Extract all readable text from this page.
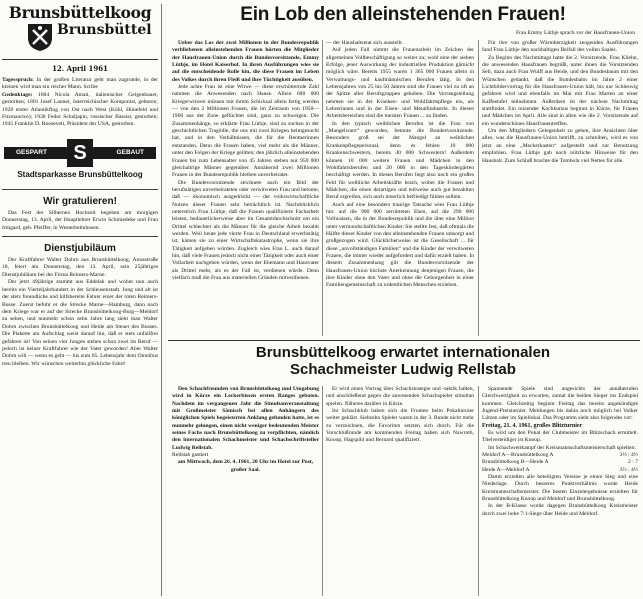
Brunsbüttelkoog
Brunsbüttel
12. April 1961
Tagesspruch: In der großen Literatur geht man zugrunde, in der kleinen wird man ein reicher Mann. Scribe
Gedenktage: 1684 Nicola Amati, italienischer Geigenbauer, gestorben; 1801 Josef Lanner, österreichischer Komponist, geboren; 1928 erster Atlantikflug von Ost nach West (Köhl, Hünefeld und Fitzmaurice); 1938 Fedor Schaljapin, russischer Bassist, gestorben; 1945 Franklin D. Roosevelt, Präsident der USA, gestorben.
GESPART	GEBAUT
S
Stadtsparkasse Brunsbüttelkoog
Wir gratulieren!
Das Fest der Silbernen Hochzeit begehen am morgigen Donnerstag, 13. April, der Hauptlehrer Erwin Schmiedeke und Frau Irmgard, geb. Pfeiffer, in Westerbelmhusen.
Dienstjubiläum
Der Kraftfahrer Walter Dohrn aus Brunsbüttelkoog, Annastraße 18, feiert am Donnerstag, den 13. April, sein 25jähriges Dienstjubiläum bei der Firma Reimers-Marne.
Der jetzt 49jährige stammt aus Eddelak und wohnt nun auch bereits ein Vierteljahrhundert in der Schleusenstadt. Jung und alt ist der stets freundliche und hilfsbereite Fahrer einer der roten Reimers-Busse. Zuerst befuhr er die Strecke Marne—Hamburg, dann nach dem Kriege war er auf der Strecke Brunsbüttelkoog-Burg—Meldorf zu sehen, und nunmehr schon zehn Jahre lang sieht man Walter Dohrn zwischen Brunsbüttelkoog und Heide am Steuer des Busses. Die Plakette am Aufschlag weist darauf hin, daß er stets unfallfrei gefahren ist! Von seinen vier Jungen stehen schon zwei im Beruf — jedoch ist keiner Kraftfahrer wie der Vater geworden! Aber Walter Dohrn will — wenn es geht — bis zum 65. Lebensjahr dem Omnibus treu bleiben. Wir wünschen weiterhin glückliche Fahrt!
Ein Lob den alleinstehenden Frauen!
Frau Emmy Lüthje sprach vor der Hausfrauen-Union
Ueber das Los der zwei Millionen in der Bundesrepublik verbliebenen alleinstehenden Frauen hörten die Mitglieder der Hausfrauen-Union durch die Bundesvorsitzende, Emmy Lüthje, im Hotel Kaiserhof. In ihren Ausführungen wies sie auf die entscheidende Rolle hin, die diese Frauen im Leben des Volkes durch ihren Fleiß und ihre Tüchtigkeit ausüben.
Jede achte Frau ist eine Witwe — diese erschütternde Zahl nahmen die Anwesenden nach Hause. Allein 600 000 Kriegerwitwen müssen mit ihrem Schicksal allein fertig werden — von den 2 Millionen Frauen, die im Zeitraum von 1950—1960 aus der Zone geflüchtet sind, ganz zu schweigen. Die Zusammenhänge, so erklärte Frau Lüthje, sind zu suchen in der geschichtlichen Tragödie, die uns mit zwei Kriegen heimgesucht hat, und in den Verhältnissen, die für die Rentnerinnen entstanden. Denn die Frauen haben, viel mehr als die Männer, unter den Folgen der Kriege gelitten; den jährlich alleinstehenden Frauen bis zum Lebensalter von 45 Jahren stehen nur 950 000 gleichaltrige Männer gegenüber. Annähernd zwei Millionen Frauen in der Bundesrepublik bleiben unverheiratet.
Die Bundesvorsitzende zeichnete auch ein Bild der berufstätigen unverheirateten oder verwitweten Frau und betonte, daß — ökonomisch ausgedrückt — der volkswirtschaftliche Nutzen dieser Frauen sehr beträchtlich ist. Nachdrücklich unterstrich Frau Lüthje, daß die Frauen qualifizierte Facharbeit leisten, bedauerlicherweise aber im Gesamtdurchschnitt um ein Drittel schlechter als die Männer für die gleiche Arbeit bezahlt werden. Weil heute jede vierte Frau in Deutschland erwerbstätig ist, kämen sie zu einer Wirtschaftskatastrophe, wenn sie ihre Tätigkeit aufgeben würden. Zugleich wies Frau L. auch darauf hin, daß viele Frauen jedoch nicht einer Tätigkeit oder auch einer Vollarbeit nachgehen würden, wenn der Ehemann und Hausvater als Drittel mehr, als es der Fall ist, verdienen würde. Denn vielfach muß die Frau aus materiellen Gründen mitverdienen.
— der Haushaltsetat sich ausstellt.
Auf jeden Fall nimmt die Frauenarbeit im Zeichen der allgemeinen Vollbeschäftigung so weiter zu; wohl eine der sieben Erfolge, jener Auswirkung der industriellen Produktion gärnicht möglich wäre. Bereits 1955 waren 1 365 000 Frauen allein in Verwaltungs- und kaufmännischen Berufen tätig. In den Lebensjahren von 25 bis 50 Jahren sind die Frauen viel zu oft an der Spitze aller Berufsgruppen gehoben. Die Vorrangstellung nehmen sie in der Kranken- und Wohlfahrtspflege ein, als Lehrerinnen und in der Eisen- und Metallindustrie. In diesen Arbeitsbereichen sind die meisten Frauen ... zu finden.
In den typisch weiblichen Berufen ist die Frau von „Mangelware“ geworden, betonte die Bundesvorsitzende. Besonders groß sei der Mangel an weiblichen Krankenpflegepersonal, denn es fehlen 10 000 Krankenschwestern, bereits 40 000 Schwestern! Außerdem können 10 000 weitere Frauen und Mädchen in den Wohlfahrtsberufen und 20 000 in den Tageskindergärten beschäftigt werden. In diesen Berufen liegt also noch ein großes Feld für weibliche Arbeitskräfte brach, wobei die Frauen und Mädchen, die einen derartigen und teilweise auch gut bezahlten Beruf ergreifen, sich auch innerlich befriedigt fühlen sollten.
Auch auf eine besonders traurige Tatsache wies Frau Lüthje hin: auf die 900 000 zerrütteten Ehen, auf die 290 000 Vollwaisen, die in der Bundesrepublik und die über eine Million unter vermundschaftlichen Kinder. Sie stellte fest, daß oftmals die Hälfte dieser Kinder von den alleinstehenden Frauen umsorgt und großgezogen wird. Glücklicherweise ist die Gesellschaft ... für diese „unvollständigen Familien“ und die Kinder der verwitweten Frauen, die immer wieder aufgefordert und dafür erzielt haben. In diesem Zusammenhang gilt die Bundesvorsitzende der Hausfrauen-Union höchste Anerkennung denjenigen Frauen, die ihre Kinder ohne den Vater und ohne die Geborgenheit in einer Familiengemeinschaft zu ordentlichen Menschen erziehen.
Für ihre von großer Wärmherzigkeit zeugenden Ausführungen fand Frau Lüthje den nachhaltigen Beifall des vollen Saales.
Zu Beginn des Nachmittags hatte die 2. Vorsitzende, Frau Kliehn, die anwesenden Hausfrauen begrüßt, unter ihnen die Vorsitzenden Sell, dazu auch Frau Wulff aus Heide, und den Bundesbaum mit den Wünschen gedankt, daß die Bundesbahn im Jahre 2 einer Lichtbildervortrag für die Hausfrauen-Union hält, bis nur Schleswig gefahren wird und ebenfalls im Mai mit Frau Marten an einer Kaffeetafel teilnehmen. Außerdem ist der nächste Nachmittag stattfindet. Ein reizender Kochkursus beginnt in Kürze, für Frauen und Mädchen im April. Alle sind in allen wie die 2. Vorsitzende auf ein wunderschönes Hausfrauentreffen.
Um den Mitgliedern Gelegenheit zu geben, ihre Ansichten über alles, was die Hausfrauen-Union betrifft, zu schreiben, wird es von jetzt an eine „Meckerkasten“ aufgestellt und zur Benutzung empfohlen. Frau Lüthje gab noch nützliche Hinweise für den Haushalt. Zum Schluß brachte die Tombola viel Nettes für alle.
Brunsbüttelkoog erwartet internationalen
Schachmeister Ludwig Rellstab
Den Schachfreunden von Brunsbüttelkoog und Umgebung wird in Kürze ein Leckerbissen ersten Ranges geboten. Nachdem im vergangenen Jahr die Simultanveranstaltung mit Großmeister Sämisch bei allen Anhängern des königlichen Spiels begeisterten Anklang gefunden hatte, ist es nunmehr gelungen, einen nicht weniger bedeutenden Meister seines Fachs nach Brunsbüttelkoog zu verpflichten, nämlich den internationalen Schachmeister und Schachschriftsteller Ludwig Rellstab.
Rellstab gastiert
am Mittwoch, dem 26. 4. 1961, 20 Uhr im Hotel zur Post, großer Saal.
Er wird einen Vortrag über Schachstrategie und -taktik halten, und anschließend gegen die anwesenden Schachspieler simultan spielen. Näheres darüber in Kürze.
Im Schachklub haben sich die Fronten beim Pokalturnier weiter geklärt. Siebzehn Spieler waren in der 3. Runde nicht mehr zu verzeichnen, die Favoriten setzten sich durch. Für die Vorschlußrunde am kommenden Freitag haben sich Nawroth, Knoop, Hagspihl und Bernard qualifiziert.
Spannende Spiele sind angesichts der annähernden Gleichwertigkeit zu erwarten, zumal die beiden Sieger ins Endspiel kommen. Gleichzeitig beginnt Freitag das bereits angekündigte Jugend-Preisturnier. Meldungen bis dahin noch möglich bei Volker Lützen oder im Spiellokal. Das Programm sieht also folgendes vor:
Freitag, 21. 4. 1961, großes Blitzturnier
Es wird um den Pokal der Clubmeister im Blitzschach ermittelt. Titelverteidiger ist Knoop.
Im Schachwettkampf der Kreismannschaftsmeisterschaft spielten:
Meldorf A—Brunsbüttelkoog A	3½ : 4½
Brunsbüttelkoog B—Heide A	2 : 7
Heide A—Meldorf A	3½ : 4½
Damit erzielten alle beteiligten Vereine je einen Sieg und eine Niederlage. Durch besseres Punktverhältnis wurde Heide Kreismannschaftsmeister. Die besten Einzelergebnisse erzielten für Brunsbüttelkoog Knoop und Meldorf und Brunsbüttelkoog.
In der B-Klasse wurde dagegen Brunsbüttelkoog Kreismeister durch zwei hohe 7:1-Siege über Heide und Meldorf.
